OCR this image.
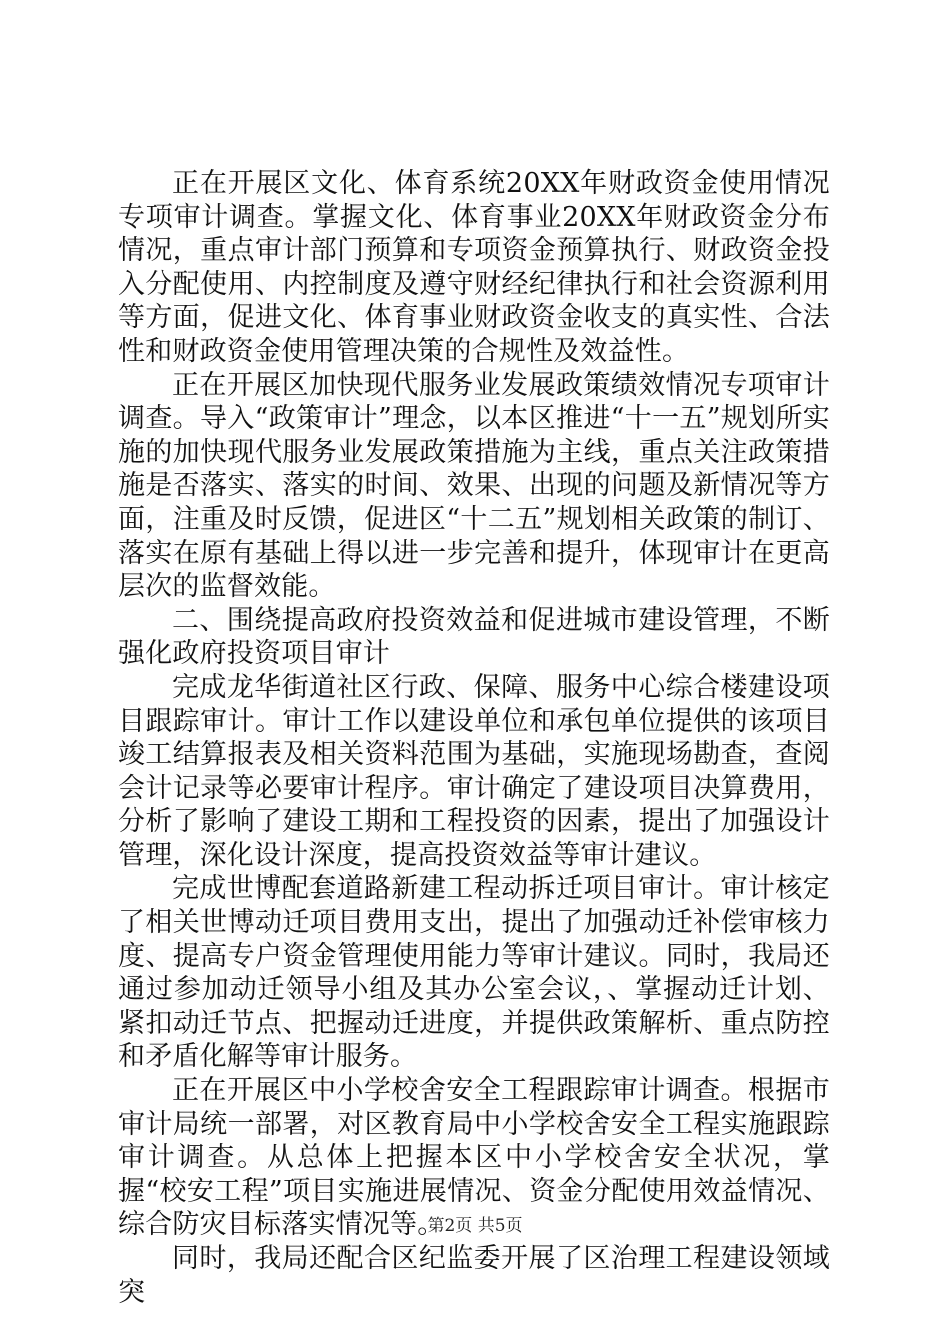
正在开展区文化、体育系统20XX年财政资金使用情况专项审计调查。掌握文化、体育事业20XX年财政资金分布情况，重点审计部门预算和专项资金预算执行、财政资金投入分配使用、内控制度及遵守财经纪律执行和社会资源利用等方面，促进文化、体育事业财政资金收支的真实性、合法性和财政资金使用管理决策的合规性及效益性。

正在开展区加快现代服务业发展政策绩效情况专项审计调查。导入“政策审计”理念，以本区推进“十一五”规划所实施的加快现代服务业发展政策措施为主线，重点关注政策措施是否落实、落实的时间、效果、出现的问题及新情况等方面，注重及时反馈，促进区“十二五”规划相关政策的制订、落实在原有基础上得以进一步完善和提升，体现审计在更高层次的监督效能。

二、围绕提高政府投资效益和促进城市建设管理，不断强化政府投资项目审计

完成龙华街道社区行政、保障、服务中心综合楼建设项目跟踪审计。审计工作以建设单位和承包单位提供的该项目竣工结算报表及相关资料范围为基础，实施现场勘查，查阅会计记录等必要审计程序。审计确定了建设项目决算费用，分析了影响了建设工期和工程投资的因素，提出了加强设计管理，深化设计深度，提高投资效益等审计建议。

完成世博配套道路新建工程动拆迁项目审计。审计核定了相关世博动迁项目费用支出，提出了加强动迁补偿审核力度、提高专户资金管理使用能力等审计建议。同时，我局还通过参加动迁领导小组及其办公室会议，、掌握动迁计划、紧扣动迁节点、把握动迁进度，并提供政策解析、重点防控和矛盾化解等审计服务。

正在开展区中小学校舍安全工程跟踪审计调查。根据市审计局统一部署，对区教育局中小学校舍安全工程实施跟踪审计调查。从总体上把握本区中小学校舍安全状况，掌握“校安工程”项目实施进展情况、资金分配使用效益情况、综合防灾目标落实情况等。

同时，我局还配合区纪监委开展了区治理工程建设领域突

第2页 共5页
